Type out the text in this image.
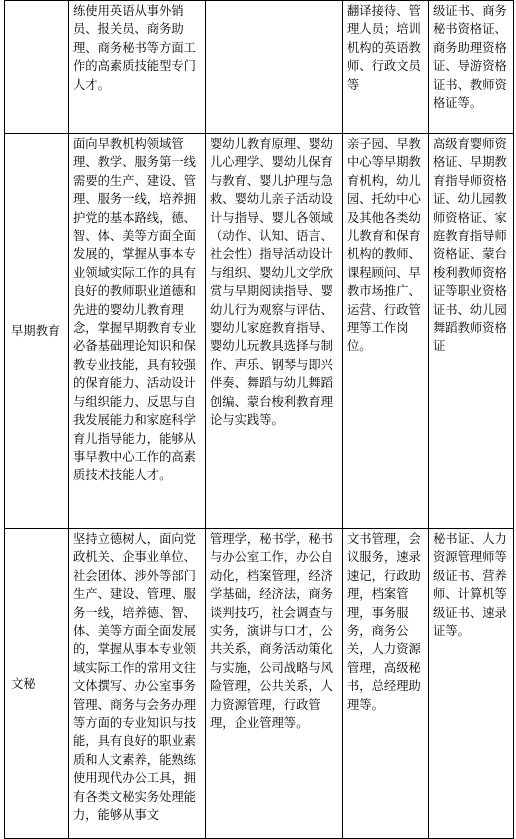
	练使用英语从事外销员、报关员、商务助理、商务秘书等方面工作的高素质技能型专门人才。		翻译接待、管理人员；培训机构的英语教师、行政文员等	级证书、商务秘书资格证、商务助理资格证、导游资格证书、教师资格证等。
早期教育	面向早教机构领域管理、教学、服务第一线需要的生产、建设、管理、服务一线，培养拥护党的基本路线，德、智、体、美等方面全面发展的，掌握从事本专业领域实际工作的具有良好的教师职业道德和先进的婴幼儿教育理念，掌握早期教育专业必备基础理论知识和保教专业技能，具有较强的保育能力、活动设计与组织能力、反思与自我发展能力和家庭科学育儿指导能力，能够从事早教中心工作的高素质技术技能人才。	婴幼儿教育原理、婴幼儿心理学、婴幼儿保育与教育、婴儿护理与急救、婴幼儿亲子活动设计与指导、婴儿各领域（动作、认知、语言、社会性）指导活动设计与组织、婴幼儿文学欣赏与早期阅读指导、婴幼儿行为观察与评估、婴幼儿家庭教育指导、婴幼儿玩教具选择与制作、声乐、钢琴与即兴伴奏、舞蹈与幼儿舞蹈创编、蒙台梭利教育理论与实践等。	亲子园、早教中心等早期教育机构，幼儿园、托幼中心及其他各类幼儿教育和保育机构的教师、课程顾问、早教市场推广、运营、行政管理等工作岗位。	高级育婴师资格证、早期教育指导师资格证、幼儿园教师资格证、家庭教育指导师资格证、蒙台梭利教师资格证等职业资格证书、幼儿园舞蹈教师资格证
文秘	坚持立德树人，面向党政机关、企事业单位、社会团体、涉外等部门生产、建设、管理、服务一线，培养德、智、体、美等方面全面发展的，掌握从事本专业领域实际工作的常用文往文体撰写、办公室事务管理、商务与会务办理等方面的专业知识与技能，具有良好的职业素质和人文素养，能熟练使用现代办公工具，拥有各类文秘实务处理能力，能够从事文	管理学，秘书学，秘书与办公室工作，办公自动化，档案管理，经济学基础，经济法，商务谈判技巧，社会调查与实务，演讲与口才，公共关系，商务活动策化与实施，公司战略与风险管理，公共关系，人力资源管理，行政管理，企业管理等。	文书管理，会议服务，速录速记，行政助理，档案管理，事务服务，商务公关，人力资源管理，高级秘书，总经理助理等。	秘书证、人力资源管理师等级证书、营养师、计算机等级证书、速录证等。
